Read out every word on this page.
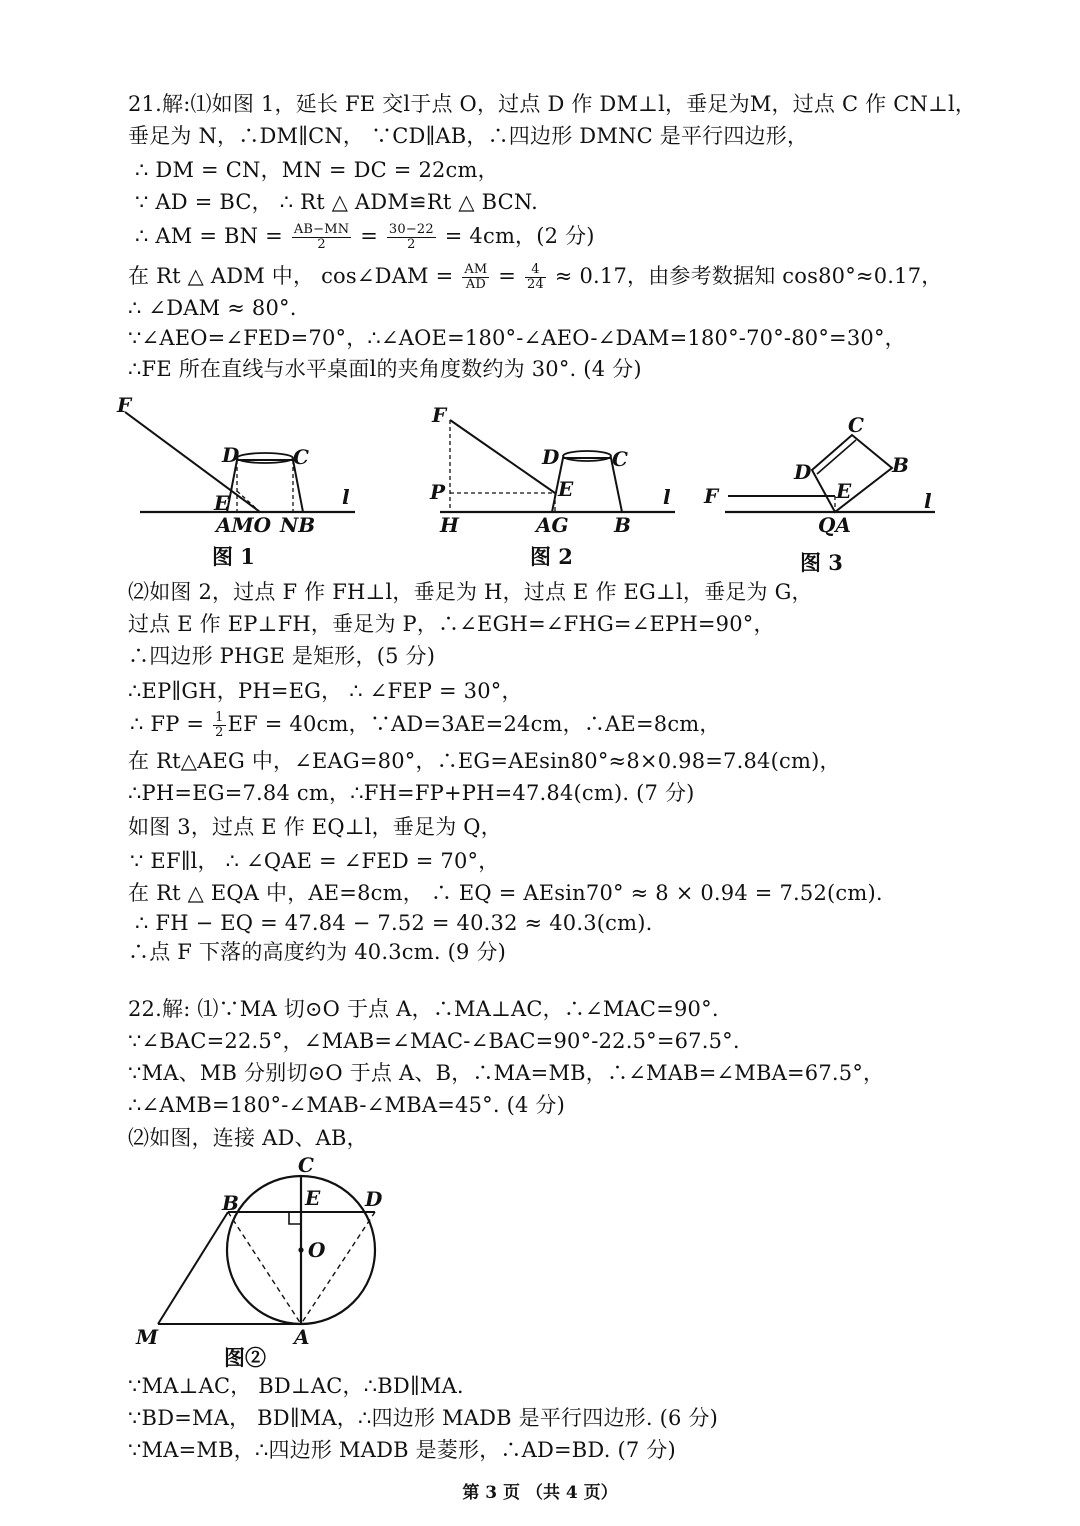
21.解:⑴如图 1，延长 FE 交l于点 O，过点 D 作 DM⊥l，垂足为M，过点 C 作 CN⊥l，
垂足为 N，∴DM∥CN， ∵CD∥AB，∴四边形 DMNC 是平行四边形，
∴ DM = CN，MN = DC = 22cm，
∵ AD = BC， ∴ Rt △ ADM≌Rt △ BCN.
∴ AM = BN = $\frac{AB-MN}{2} = \frac{30-22}{2} = 4cm$，(2 分)
在 Rt △ ADM 中， cos∠DAM = $\frac{AM}{AD} = \frac{4}{24} \approx 0.17$，由参考数据知 cos80°≈0.17，
∴ ∠DAM ≈ 80°.
∵∠AEO=∠FED=70°，∴∠AOE=180°-∠AEO-∠DAM=180°-70°-80°=30°，
∴FE 所在直线与水平桌面l的夹角度数约为 30°. (4 分)
F
D	C
E	l
AMO NB
图 1
F
D	C
P	E	l
H	AG B
图 2
C
D	B
F	E	l
QA
图 3
⑵如图 2，过点 F 作 FH⊥l，垂足为 H，过点 E 作 EG⊥l，垂足为 G，
过点 E 作 EP⊥FH，垂足为 P，∴∠EGH=∠FHG=∠EPH=90°，
∴四边形 PHGE 是矩形，(5 分)
∴EP∥GH，PH=EG， ∴ ∠FEP = 30°，
∴ FP = $\frac{1}{2}$ EF = 40cm，∵AD=3AE=24cm，∴AE=8cm，
在 Rt△AEG 中，∠EAG=80°，∴EG=AEsin80°≈8×0.98=7.84(cm)，
∴PH=EG=7.84 cm，∴FH=FP+PH=47.84(cm). (7 分)
如图 3，过点 E 作 EQ⊥l，垂足为 Q，
∵ EF∥l， ∴ ∠QAE = ∠FED = 70°，
在 Rt △ EQA 中，AE=8cm， ∴ EQ = AEsin70° ≈ 8 × 0.94 = 7.52(cm).
∴ FH − EQ = 47.84 − 7.52 = 40.32 ≈ 40.3(cm).
∴点 F 下落的高度约为 40.3cm. (9 分)
22.解: ⑴∵MA 切⊙O 于点 A，∴MA⊥AC，∴∠MAC=90°.
∵∠BAC=22.5°，∠MAB=∠MAC-∠BAC=90°-22.5°=67.5°.
∵MA、MB 分别切⊙O 于点 A、B，∴MA=MB，∴∠MAB=∠MBA=67.5°，
∴∠AMB=180°-∠MAB-∠MBA=45°. (4 分)
⑵如图，连接 AD、AB，
C
B	E D
O
M	A
图②
∵MA⊥AC， BD⊥AC，∴BD∥MA.
∵BD=MA， BD∥MA，∴四边形 MADB 是平行四边形. (6 分)
∵MA=MB，∴四边形 MADB 是菱形，∴AD=BD. (7 分)
第 3 页 （共 4 页）
